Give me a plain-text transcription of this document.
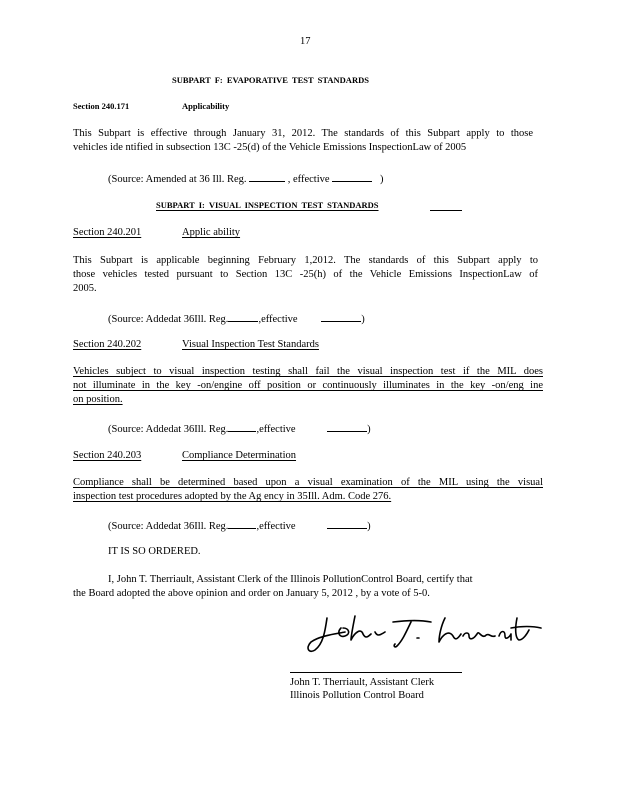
17
SUBPART F: EVAPORATIVE TEST STANDARDS
Section 240.171	Applicability
This Subpart is effective through January 31, 2012. The standards of this Subpart apply to those
vehicles ide ntified in subsection 13C -25(d) of the Vehicle Emissions InspectionLaw of 2005
(Source: Amended at 36 Ill. Reg.	, effective	)
SUBPART I: VISUAL INSPECTION TEST STANDARDS
Section 240.201	Applic ability
This Subpart is applicable beginning February 1,2012. The standards of this Subpart apply to
those vehicles tested pursuant to Section 13C -25(h) of the Vehicle Emissions InspectionLaw of
2005.
(Source: Addedat 36Ill. Reg.	,effective	)
Section 240.202	Visual Inspection Test Standards
Vehicles subject to visual inspection testing shall fail the visual inspection test if the MIL does
not illuminate in the key -on/engine off position or continuously illuminates in the key -on/eng ine
on position.
(Source: Addedat 36Ill. Reg.	,effective	)
Section 240.203	Compliance Determination
Compliance shall be determined based upon a visual examination of the MIL using the visual
inspection test procedures adopted by the Ag ency in 35Ill. Adm. Code 276.
(Source: Addedat 36Ill. Reg.	,effective	)
IT IS SO ORDERED.
I, John T. Therriault, Assistant Clerk of the Illinois PollutionControl Board, certify that
the Board adopted the above opinion and order on January 5, 2012 , by a vote of 5-0.
John T. Therriault, Assistant Clerk
Illinois Pollution Control Board
